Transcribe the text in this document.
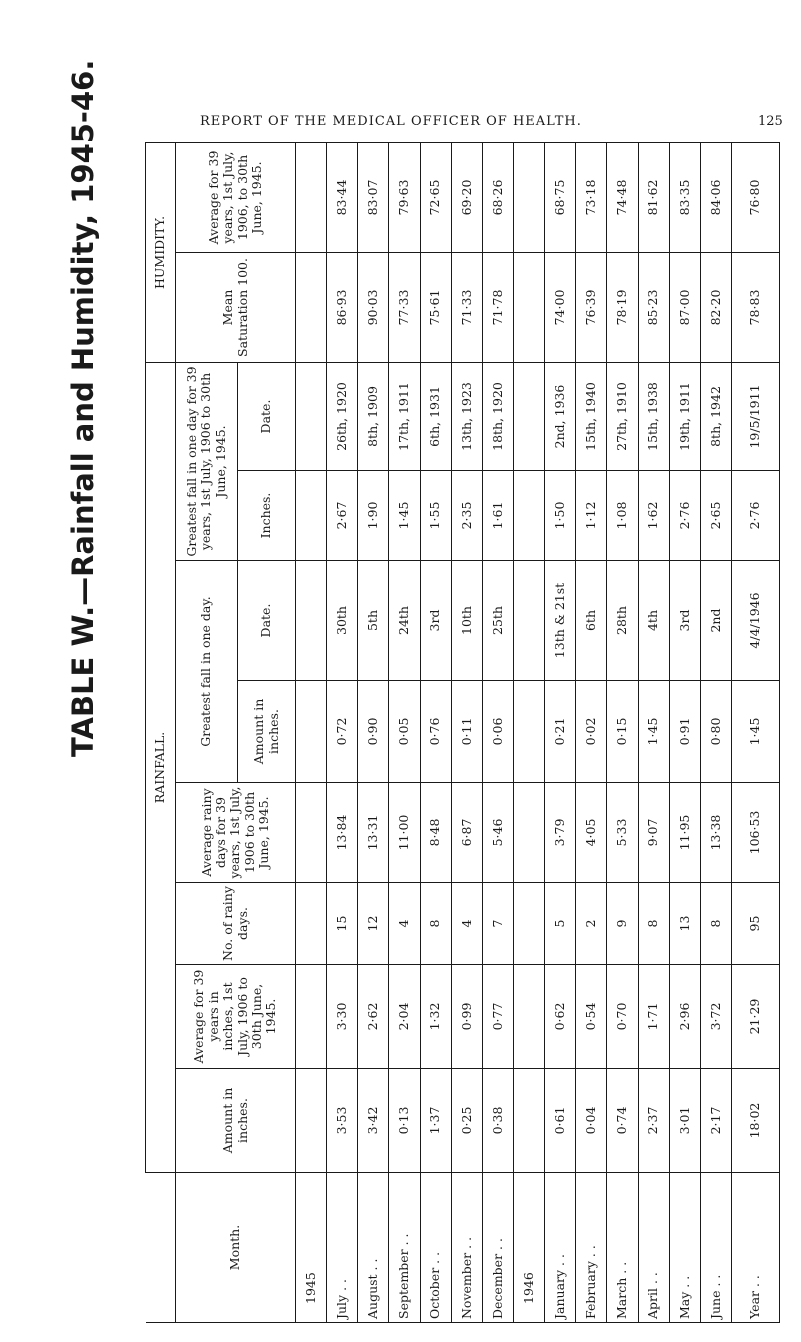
REPORT OF THE MEDICAL OFFICER OF HEALTH.	125
TABLE W.—Rainfall and Humidity, 1945-46.
	RAINFALL.								HUMIDITY.	
Month.	Amount in inches.	Average for 39 years in inches, 1st July, 1906 to 30th June, 1945.	No. of rainy days.	Average rainy days for 39 years, 1st July, 1906 to 30th June, 1945.	Greatest fall in one day.		Greatest fall in one day for 39 years, 1st July, 1906 to 30th June, 1945.		Mean Saturation 100.	Average for 39 years, 1st July, 1906, to 30th June, 1945.
					Amount in inches.	Date.	Inches.	Date.		
1945										
July . .	3·53	3·30	15	13·84	0·72	30th	2·67	26th, 1920	86·93	83·44
August . .	3·42	2·62	12	13·31	0·90	5th	1·90	8th, 1909	90·03	83·07
September . .	0·13	2·04	4	11·00	0·05	24th	1·45	17th, 1911	77·33	79·63
October . .	1·37	1·32	8	8·48	0·76	3rd	1·55	6th, 1931	75·61	72·65
November . .	0·25	0·99	4	6·87	0·11	10th	2·35	13th, 1923	71·33	69·20
December . .	0·38	0·77	7	5·46	0·06	25th	1·61	18th, 1920	71·78	68·26
1946										
January . .	0·61	0·62	5	3·79	0·21	13th & 21st	1·50	2nd, 1936	74·00	68·75
February . .	0·04	0·54	2	4·05	0·02	6th	1·12	15th, 1940	76·39	73·18
March . .	0·74	0·70	9	5·33	0·15	28th	1·08	27th, 1910	78·19	74·48
April . .	2·37	1·71	8	9·07	1·45	4th	1·62	15th, 1938	85·23	81·62
May . .	3·01	2·96	13	11·95	0·91	3rd	2·76	19th, 1911	87·00	83·35
June . .	2·17	3·72	8	13·38	0·80	2nd	2·65	8th, 1942	82·20	84·06
Year . .	18·02	21·29	95	106·53	1·45	4/4/1946	2·76	19/5/1911	78·83	76·80
